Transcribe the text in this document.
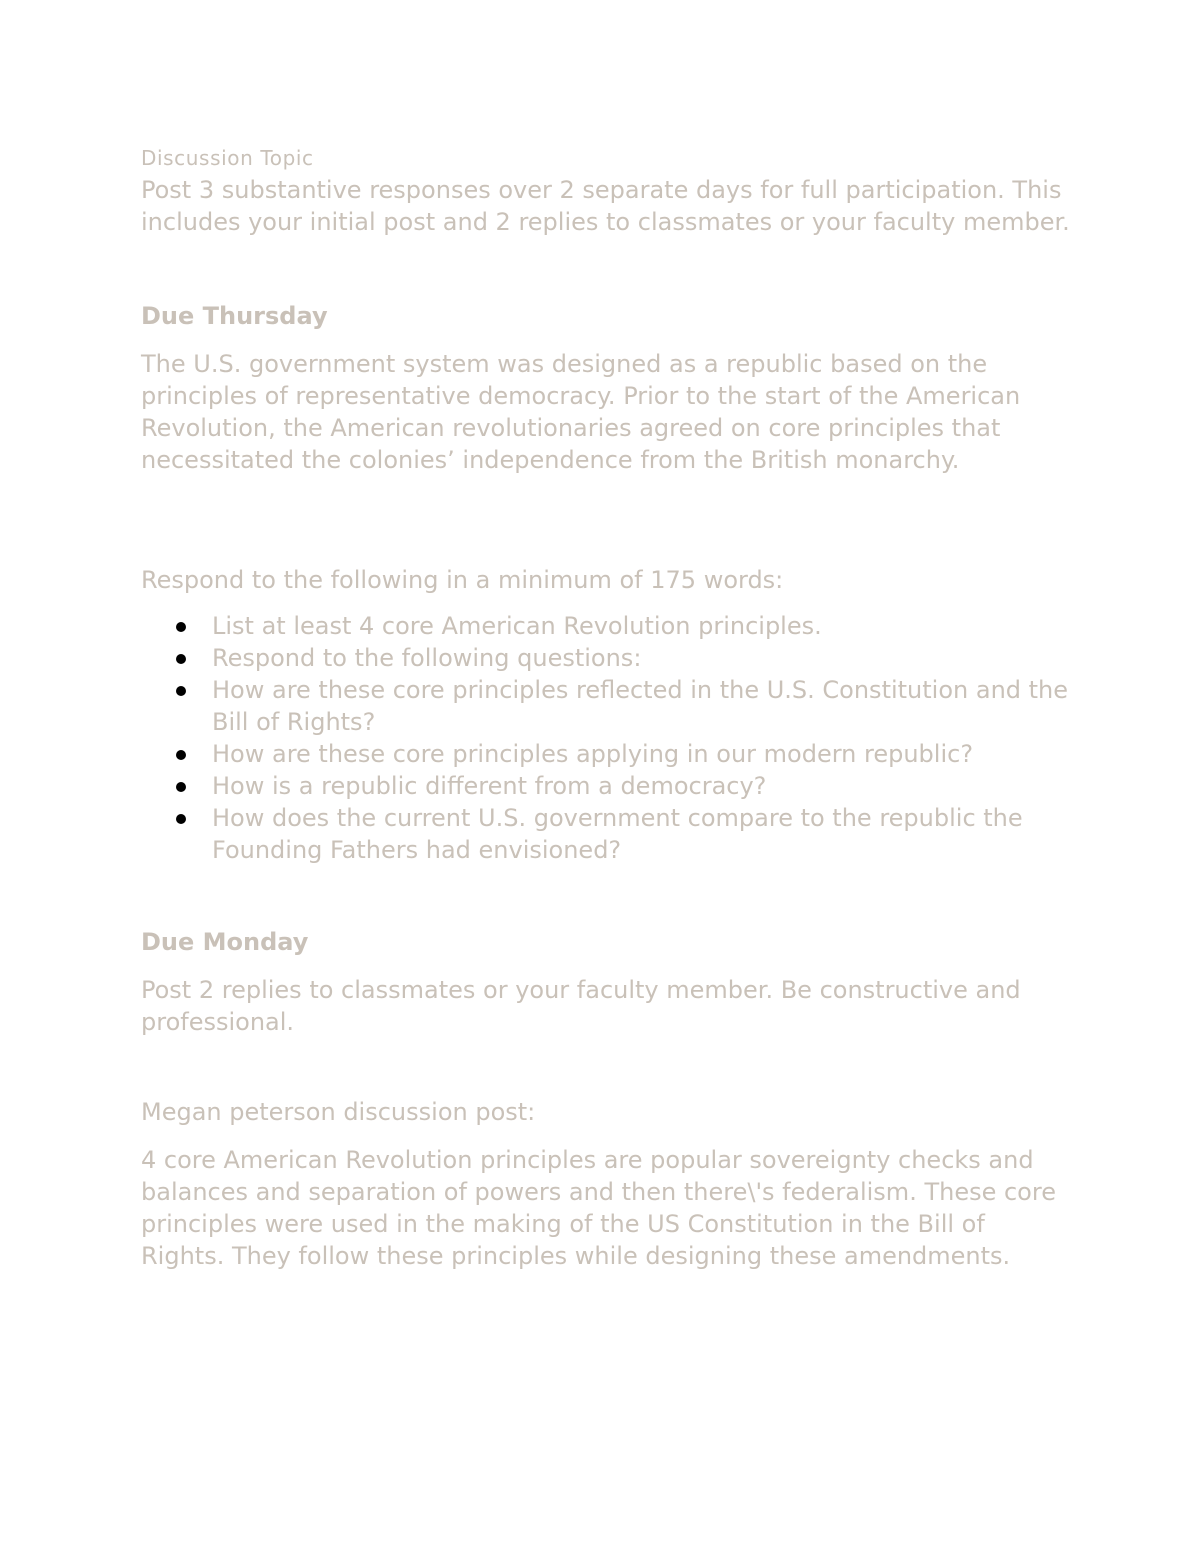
Discussion Topic

Post 3 substantive responses over 2 separate days for full participation. This includes your initial post and 2 replies to classmates or your faculty member.

Due Thursday

The U.S. government system was designed as a republic based on the principles of representative democracy. Prior to the start of the American Revolution, the American revolutionaries agreed on core principles that necessitated the colonies’ independence from the British monarchy.

Respond to the following in a minimum of 175 words:

List at least 4 core American Revolution principles.
Respond to the following questions:
How are these core principles reflected in the U.S. Constitution and the Bill of Rights?
How are these core principles applying in our modern republic?
How is a republic different from a democracy?
How does the current U.S. government compare to the republic the Founding Fathers had envisioned?
Due Monday

Post 2 replies to classmates or your faculty member. Be constructive and professional.

Megan peterson discussion post:

4 core American Revolution principles are popular sovereignty checks and balances and separation of powers and then there\'s federalism. These core principles were used in the making of the US Constitution in the Bill of Rights. They follow these principles while designing these amendments.
